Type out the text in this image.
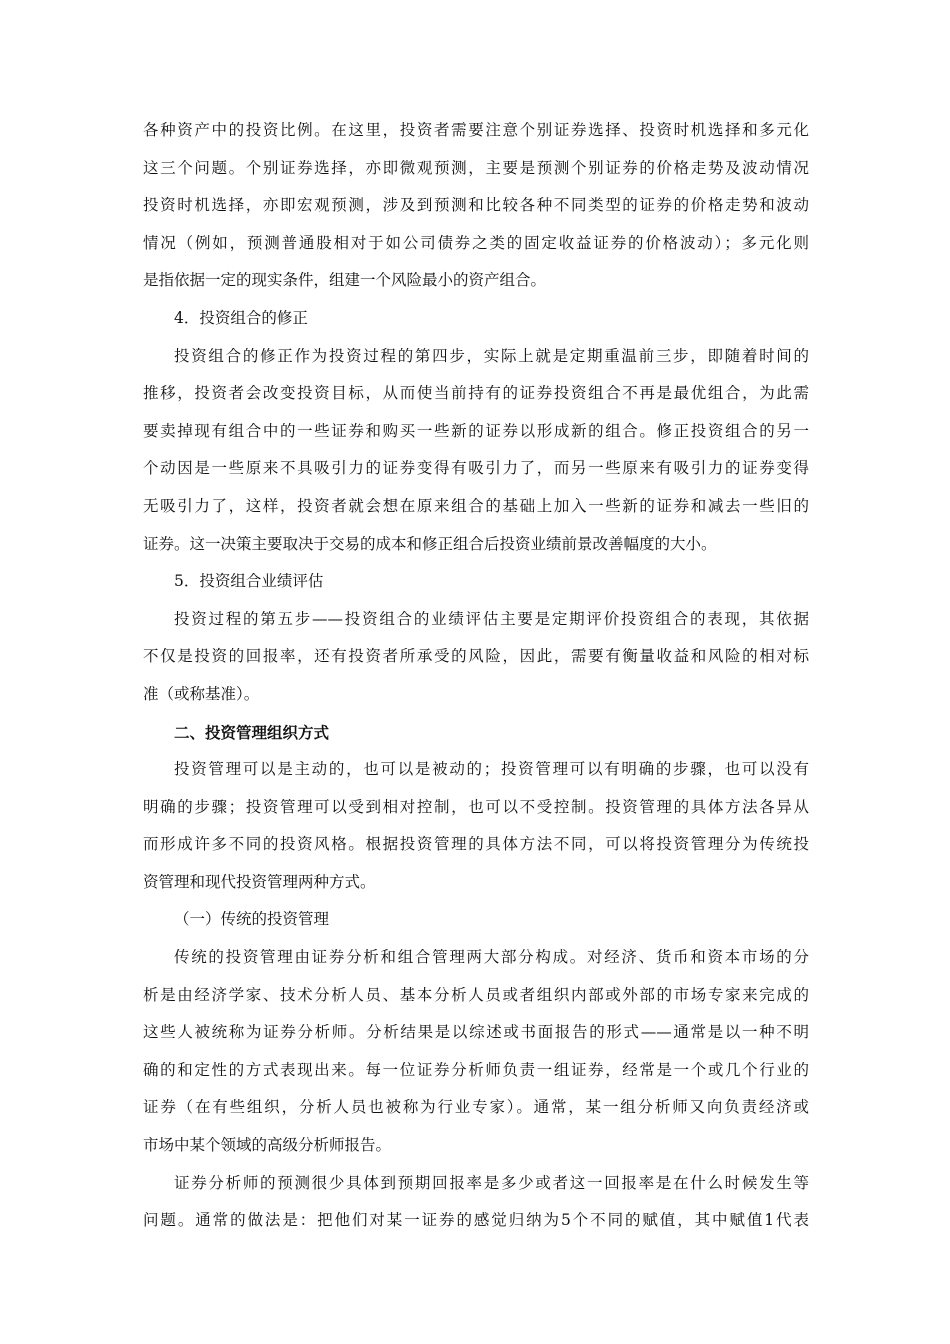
各种资产中的投资比例。在这里，投资者需要注意个别证券选择、投资时机选择和多元化
这三个问题。个别证券选择，亦即微观预测，主要是预测个别证券的价格走势及波动情况
投资时机选择，亦即宏观预测，涉及到预测和比较各种不同类型的证券的价格走势和波动
情况（例如，预测普通股相对于如公司债券之类的固定收益证券的价格波动）；多元化则
是指依据一定的现实条件，组建一个风险最小的资产组合。
4．投资组合的修正
投资组合的修正作为投资过程的第四步，实际上就是定期重温前三步，即随着时间的
推移，投资者会改变投资目标，从而使当前持有的证券投资组合不再是最优组合，为此需
要卖掉现有组合中的一些证券和购买一些新的证券以形成新的组合。修正投资组合的另一
个动因是一些原来不具吸引力的证券变得有吸引力了，而另一些原来有吸引力的证券变得
无吸引力了，这样，投资者就会想在原来组合的基础上加入一些新的证券和减去一些旧的
证券。这一决策主要取决于交易的成本和修正组合后投资业绩前景改善幅度的大小。
5．投资组合业绩评估
投资过程的第五步——投资组合的业绩评估主要是定期评价投资组合的表现，其依据
不仅是投资的回报率，还有投资者所承受的风险，因此，需要有衡量收益和风险的相对标
准（或称基准）。
二、投资管理组织方式
投资管理可以是主动的，也可以是被动的；投资管理可以有明确的步骤，也可以没有
明确的步骤；投资管理可以受到相对控制，也可以不受控制。投资管理的具体方法各异从
而形成许多不同的投资风格。根据投资管理的具体方法不同，可以将投资管理分为传统投
资管理和现代投资管理两种方式。
（一）传统的投资管理
传统的投资管理由证券分析和组合管理两大部分构成。对经济、货币和资本市场的分
析是由经济学家、技术分析人员、基本分析人员或者组织内部或外部的市场专家来完成的
这些人被统称为证券分析师。分析结果是以综述或书面报告的形式——通常是以一种不明
确的和定性的方式表现出来。每一位证券分析师负责一组证券，经常是一个或几个行业的
证券（在有些组织，分析人员也被称为行业专家）。通常，某一组分析师又向负责经济或
市场中某个领域的高级分析师报告。
证券分析师的预测很少具体到预期回报率是多少或者这一回报率是在什么时候发生等
问题。通常的做法是：把他们对某一证券的感觉归纳为5个不同的赋值，其中赋值1代表
